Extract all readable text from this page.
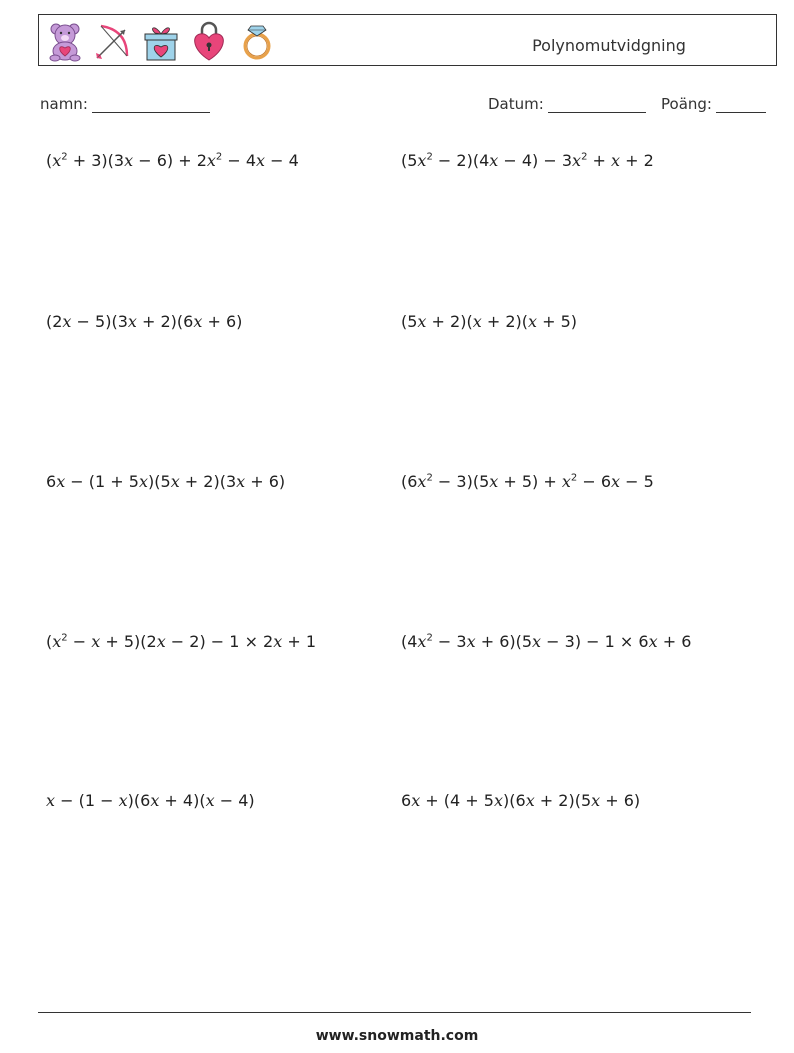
Polynomutvidgning
namn:	Datum:	Poäng:
$(x^2 + 3)(3x - 6) + 2x^2 - 4x - 4$	$(5x^2 - 2)(4x - 4) - 3x^2 + x + 2$
(2x − 5)(3x + 2)(6x + 6)	(5x + 2)(x + 2)(x + 5)
6x − (1 + 5x)(5x + 2)(3x + 6)	$(6x^2 - 3)(5x + 5) + x^2 - 6x - 5$
$(x^2 - x + 5)(2x - 2) - 1 \times 2x + 1$	$(4x^2 - 3x + 6)(5x - 3) - 1 \times 6x + 6$
x − (1 − x)(6x + 4)(x − 4)	6x + (4 + 5x)(6x + 2)(5x + 6)
www.snowmath.com
